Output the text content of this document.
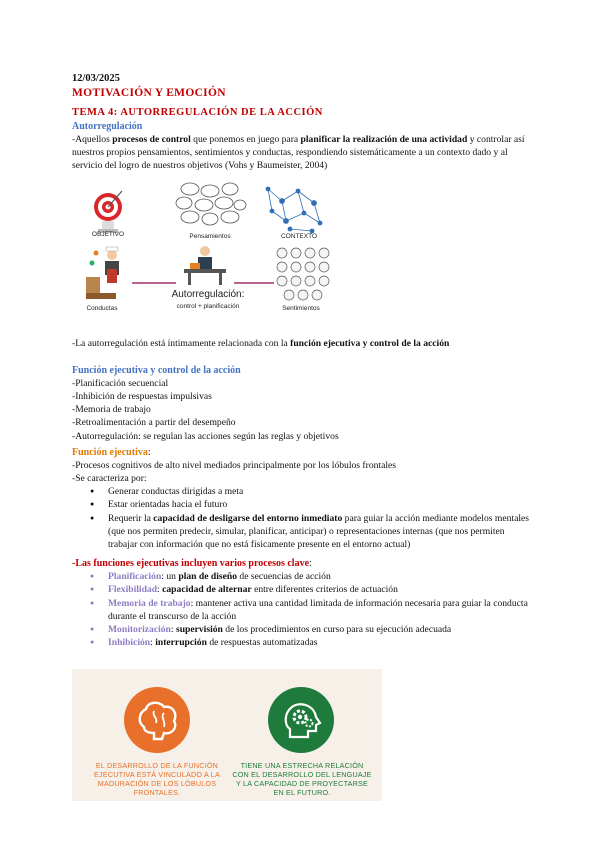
12/03/2025
MOTIVACIÓN Y EMOCIÓN
TEMA 4: AUTORREGULACIÓN DE LA ACCIÓN
Autorregulación

-Aquellos procesos de control que ponemos en juego para planificar la realización de una actividad y controlar así nuestros propios pensamientos, sentimientos y conductas, respondiendo sistemáticamente a un contexto dado y al servicio del logro de nuestros objetivos (Vohs y Baumeister, 2004)

OBJETIVO	Pensamientos	CONTEXTO
Conductas
Autorregulación:
control + planificación	Sentimientos

-La autorregulación está íntimamente relacionada con la función ejecutiva y control de la acción

Función ejecutiva y control de la acción
-Planificación secuencial
-Inhibición de respuestas impulsivas
-Memoria de trabajo
-Retroalimentación a partir del desempeño
-Autorregulación: se regulan las acciones según las reglas y objetivos
Función ejecutiva:
-Procesos cognitivos de alto nivel mediados principalmente por los lóbulos frontales
-Se caracteriza por:
● Generar conductas dirigidas a meta
● Estar orientadas hacia el futuro
● Requerir la capacidad de desligarse del entorno inmediato para guiar la acción mediante modelos mentales (que nos permiten predecir, simular, planificar, anticipar) o representaciones internas (que nos permiten trabajar con información que no está físicamente presente en el entorno actual)
-Las funciones ejecutivas incluyen varios procesos clave:
● Planificación: un plan de diseño de secuencias de acción
● Flexibilidad: capacidad de alternar entre diferentes criterios de actuación
● Memoria de trabajo: mantener activa una cantidad limitada de información necesaria para guiar la conducta durante el transcurso de la acción
● Monitorización: supervisión de los procedimientos en curso para su ejecución adecuada
● Inhibición: interrupción de respuestas automatizadas
EL DESARROLLO DE LA FUNCIÓN EJECUTIVA ESTÁ VINCULADO A LA MADURACIÓN DE LOS LÓBULOS FRONTALES.
TIENE UNA ESTRECHA RELACIÓN CON EL DESARROLLO DEL LENGUAJE Y LA CAPACIDAD DE PROYECTARSE EN EL FUTURO.
